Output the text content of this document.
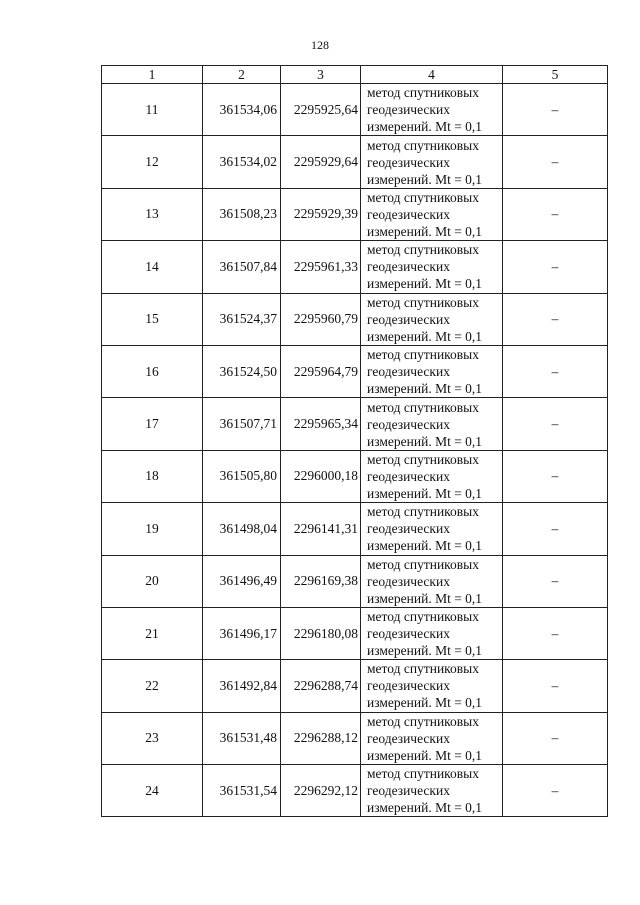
128
1	2	3	4	5
11	361534,06	2295925,64	метод спутниковых
геодезических
измерений. Mt = 0,1	–
12	361534,02	2295929,64	метод спутниковых
геодезических
измерений. Mt = 0,1	–
13	361508,23	2295929,39	метод спутниковых
геодезических
измерений. Mt = 0,1	–
14	361507,84	2295961,33	метод спутниковых
геодезических
измерений. Mt = 0,1	–
15	361524,37	2295960,79	метод спутниковых
геодезических
измерений. Mt = 0,1	–
16	361524,50	2295964,79	метод спутниковых
геодезических
измерений. Mt = 0,1	–
17	361507,71	2295965,34	метод спутниковых
геодезических
измерений. Mt = 0,1	–
18	361505,80	2296000,18	метод спутниковых
геодезических
измерений. Mt = 0,1	–
19	361498,04	2296141,31	метод спутниковых
геодезических
измерений. Mt = 0,1	–
20	361496,49	2296169,38	метод спутниковых
геодезических
измерений. Mt = 0,1	–
21	361496,17	2296180,08	метод спутниковых
геодезических
измерений. Mt = 0,1	–
22	361492,84	2296288,74	метод спутниковых
геодезических
измерений. Mt = 0,1	–
23	361531,48	2296288,12	метод спутниковых
геодезических
измерений. Mt = 0,1	–
24	361531,54	2296292,12	метод спутниковых
геодезических
измерений. Mt = 0,1	–
